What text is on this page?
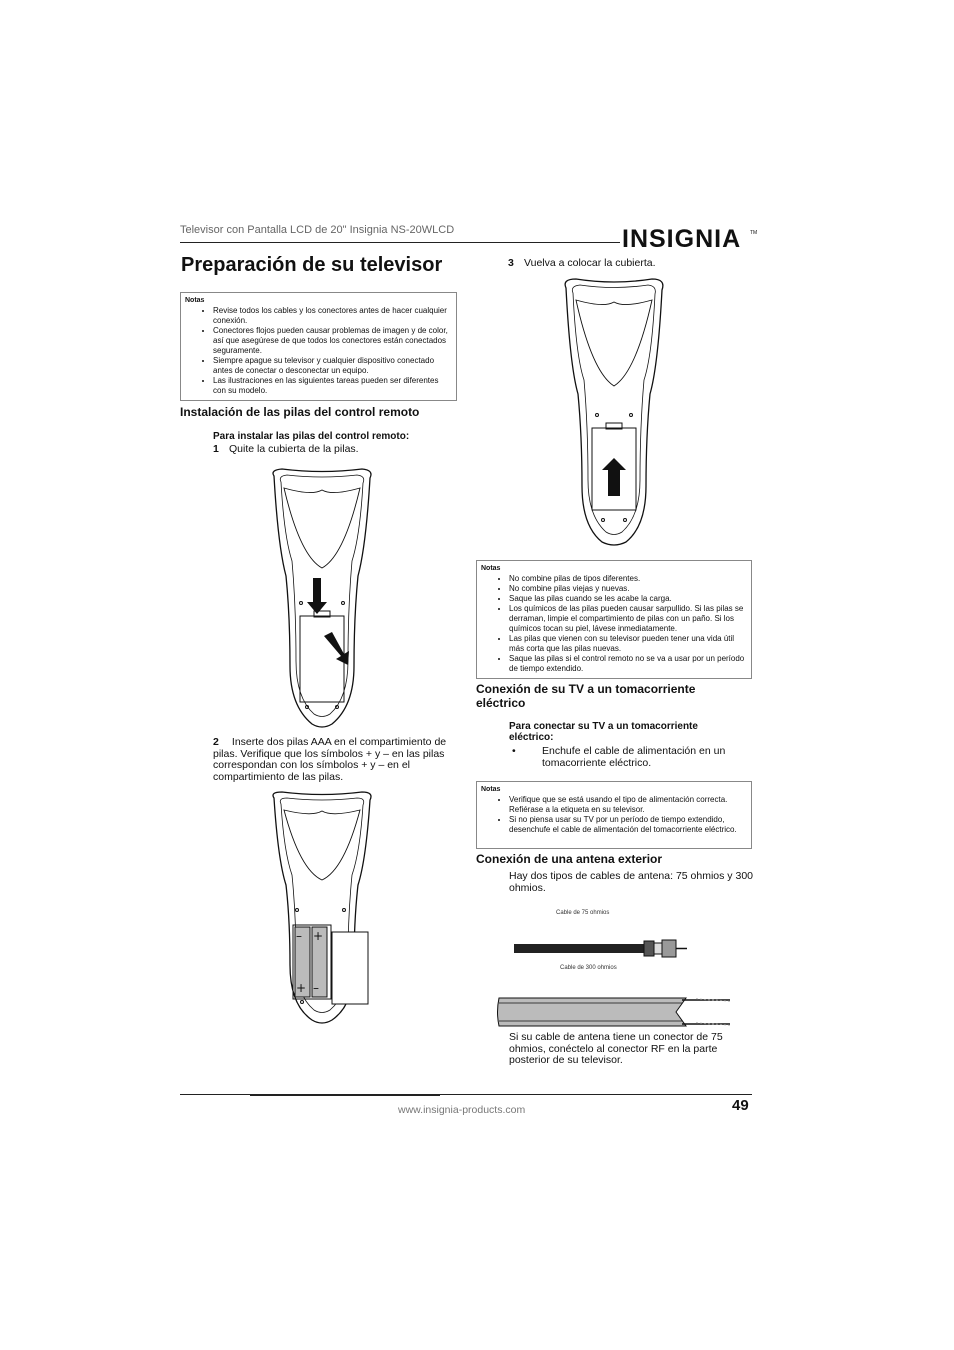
Televisor con Pantalla LCD de 20" Insignia NS-20WLCD	INSIGNIA TM
Preparación de su televisor
Notas
• Revise todos los cables y los conectores antes de hacer cualquier conexión.
• Conectores flojos pueden causar problemas de imagen y de color, así que asegúrese de que todos los conectores están conectados seguramente.
• Siempre apague su televisor y cualquier dispositivo conectado antes de conectar o desconectar un equipo.
• Las ilustraciones en las siguientes tareas pueden ser diferentes con su modelo.
Instalación de las pilas del control remoto
Para instalar las pilas del control remoto:
1 Quite la cubierta de la pilas.
2 Inserte dos pilas AAA en el compartimiento de pilas. Verifique que los símbolos + y – en las pilas correspondan con los símbolos + y – en el compartimiento de las pilas.
– +
+ –
3 Vuelva a colocar la cubierta.
Notas
• No combine pilas de tipos diferentes.
• No combine pilas viejas y nuevas.
• Saque las pilas cuando se les acabe la carga.
• Los químicos de las pilas pueden causar sarpullido. Si las pilas se derraman, limpie el compartimiento de pilas con un paño. Si los químicos tocan su piel, lávese inmediatamente.
• Las pilas que vienen con su televisor pueden tener una vida útil más corta que las pilas nuevas.
• Saque las pilas si el control remoto no se va a usar por un período de tiempo extendido.
Conexión de su TV a un tomacorriente eléctrico
Para conectar su TV a un tomacorriente eléctrico:
•	Enchufe el cable de alimentación en un tomacorriente eléctrico.
Notas
• Verifique que se está usando el tipo de alimentación correcta. Refiérase a la etiqueta en su televisor.
• Si no piensa usar su TV por un período de tiempo extendido, desenchufe el cable de alimentación del tomacorriente eléctrico.
Conexión de una antena exterior
Hay dos tipos de cables de antena: 75 ohmios y 300 ohmios.
Cable de 75 ohmios
Cable de 300 ohmios
Si su cable de antena tiene un conector de 75 ohmios, conéctelo al conector RF en la parte posterior de su televisor.
www.insignia-products.com	49
